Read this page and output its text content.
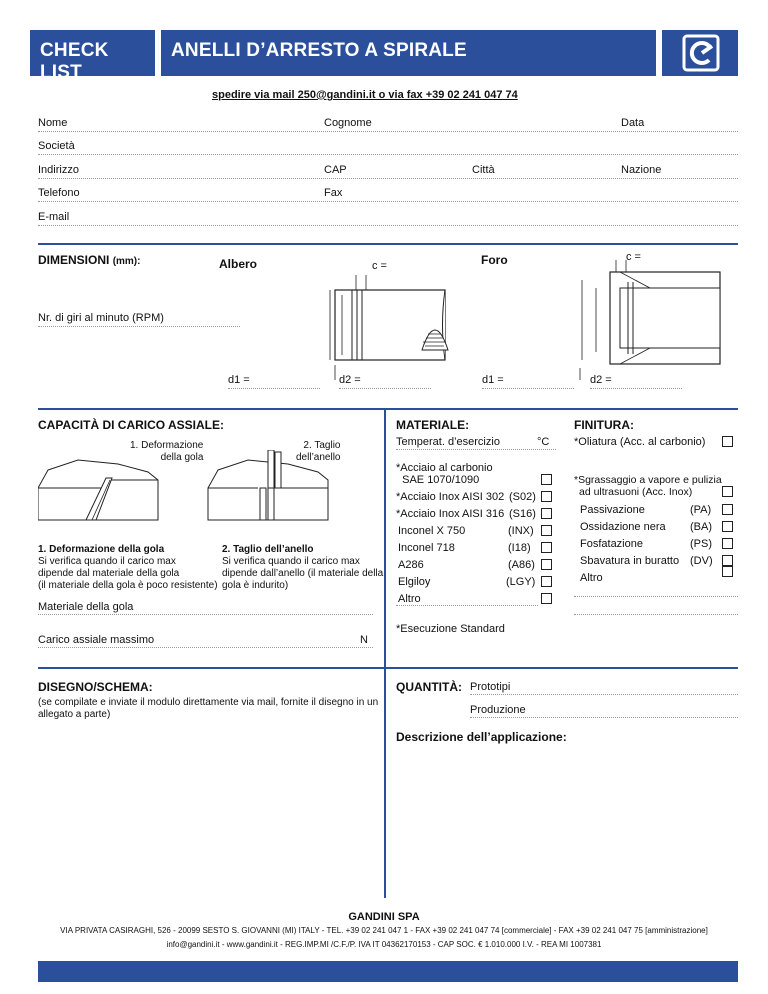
CHECK LIST
ANELLI D’ARRESTO A SPIRALE
spedire via mail 250@gandini.it o via fax +39 02 241 047 74
Nome	Cognome	Data
Società
Indirizzo	CAP	Città	Nazione
Telefono	Fax
E-mail
DIMENSIONI (mm):	Albero	Foro
c =
c =
Nr. di giri al minuto (RPM)
d1 =	d2 =	d1 =	d2 =
CAPACITÀ DI CARICO ASSIALE:
1. Deformazione
della gola
2. Taglio
dell’anello
1. Deformazione della gola
Si verifica quando il carico max
dipende dal materiale della gola
(il materiale della gola è poco resistente)
2. Taglio dell’anello
Si verifica quando il carico max
dipende dall’anello (il materiale della
gola è indurito)
Materiale della gola
Carico assiale massimo	N
MATERIALE:
Temperat. d’esercizio	°C
*Acciaio al carbonio
SAE 1070/1090
*Acciaio Inox AISI 302 (S02)
*Acciaio Inox AISI 316 (S16)
Inconel X 750	(INX)
Inconel 718	(I18)
A286	(A86)
Elgiloy	(LGY)
Altro
*Esecuzione Standard
FINITURA:
*Oliatura (Acc. al carbonio)
*Sgrassaggio a vapore e pulizia
ad ultrasuoni (Acc. Inox)
Passivazione	(PA)
Ossidazione nera (BA)
Fosfatazione	(PS)
Sbavatura in buratto (DV)
Altro
DISEGNO/SCHEMA:
(se compilate e inviate il modulo direttamente via mail, fornite il disegno in un
allegato a parte)
QUANTITÀ: Prototipi
Produzione
Descrizione dell’applicazione:
GANDINI SPA
VIA PRIVATA CASIRAGHI, 526 - 20099 SESTO S. GIOVANNI (MI) ITALY - TEL. +39 02 241 047 1 - FAX +39 02 241 047 74 [commerciale] - FAX +39 02 241 047 75 [amministrazione]
info@gandini.it - www.gandini.it - REG.IMP.MI /C.F./P. IVA IT 04362170153 - CAP SOC. € 1.010.000 I.V. - REA MI 1007381
